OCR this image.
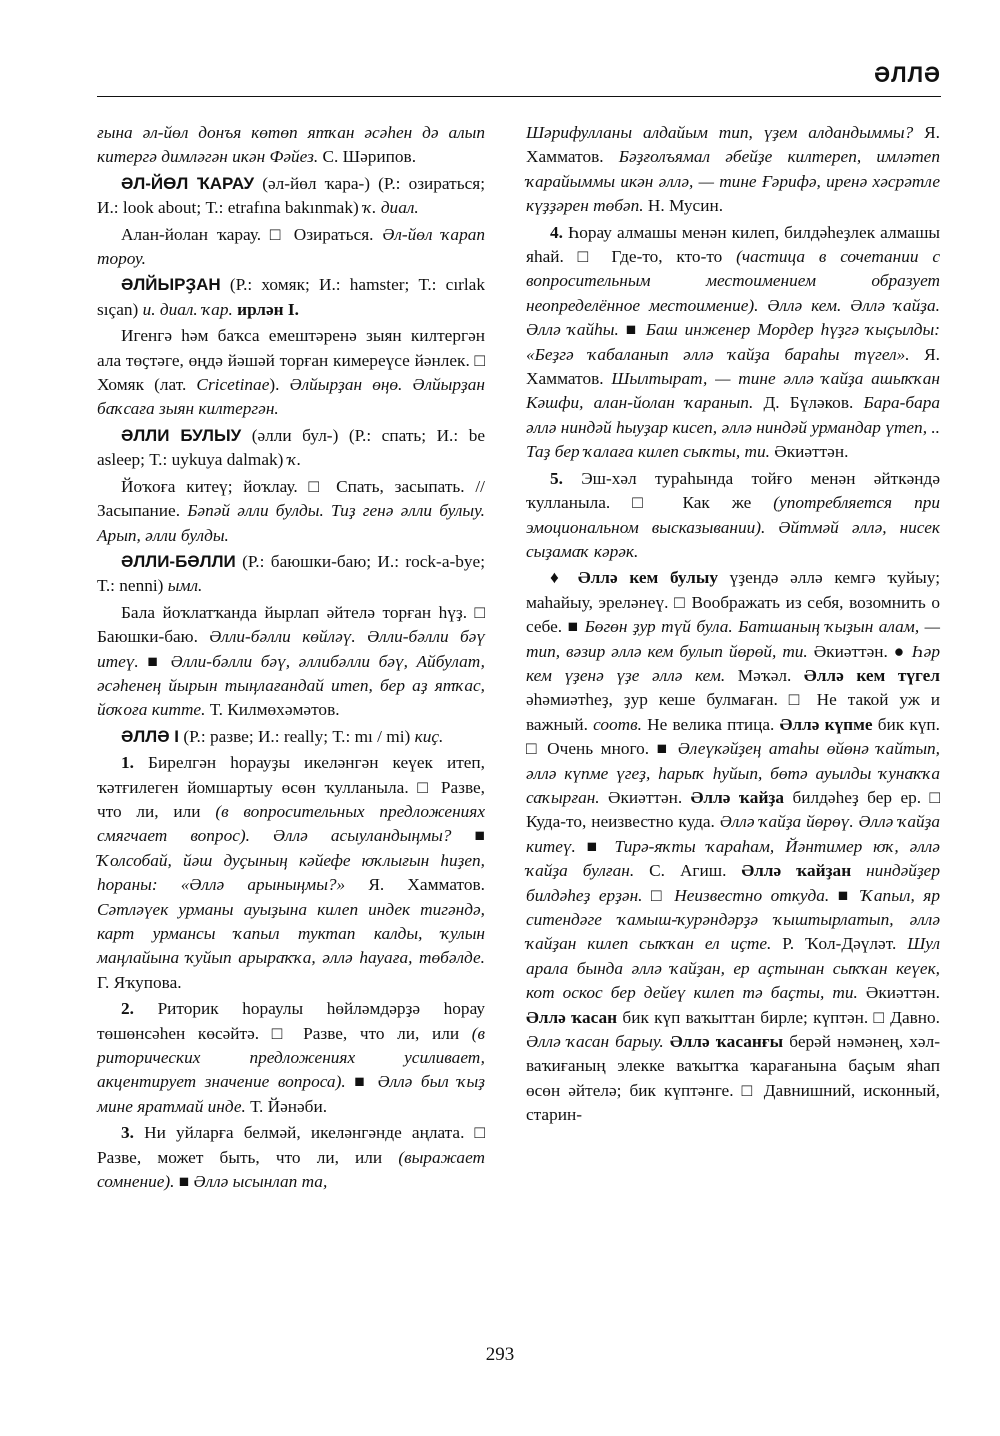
ӘЛЛӘ

ғына әл-йөл донъя көтөп ятҡан әсәһен дә алып китергә димләгән икән Фәйез. С. Шәрипов.

ӘЛ-ЙӨЛ ҠАРАУ (әл-йөл ҡара-) (Р.: озираться; И.: look about; Т.: etrafına bakınmak) ҡ. диал.

Алан-йолан ҡарау. □ Озираться. Әл-йөл ҡарап тороу.

ӘЛЙЫРҘАН (Р.: хомяк; И.: hamster; Т.: cırlak sıçan) и. диал. ҡар. ирлән I.

Игенгә һәм баҡса емештәренә зыян килтергән ала төҫтәге, өңдә йәшәй торған кимереүсе йәнлек. □ Хомяк (лат. Cricetinae). Әлйырҙан өңө. Әлйырҙан баҡсаға зыян килтергән.

ӘЛЛИ БУЛЫУ (әлли бул-) (Р.: спать; И.: be asleep; Т.: uykuya dalmak) ҡ.

Йоҡоға китеү; йоҡлау. □ Спать, засыпать. // Засыпание. Бәпәй әлли булды. Тиҙ генә әлли булыу. Арып, әлли булды.

ӘЛЛИ-БӘЛЛИ (Р.: баюшки-баю; И.: rock-a-bye; Т.: nenni) ымл.

Бала йоҡлатҡанда йырлап әйтелә торған һүҙ. □ Баюшки-баю. Әлли-бәлли көйләү. Әлли-бәлли бәү итеү. ■ Әлли-бәлли бәү, әллибәлли бәү, Айбулат, әсәһенең йырын тыңлағандай итеп, бер аҙ ятҡас, йоҡоға китте. Т. Килмөхәмәтов.

ӘЛЛӘ I (Р.: разве; И.: really; Т.: mı / mi) киҫ.

1. Бирелгән һорауҙы икеләнгән кеүек итеп, ҡәтғилеген йомшартыу өсөн ҡулланыла. □ Разве, что ли, или (в вопросительных предложениях смягчает вопрос). Әллә асыуландыңмы? ■ Ҡолсобай, йәш дуҫының кәйефе юҡлығын һиҙеп, һораны: «Әллә арыныңмы?» Я. Хамматов. Сәтләүек урманы ауыҙына килеп индек тигәндә, карт урмансы ҡапыл туктап калды, ҡулын маңлайына ҡуйып арыраҡҡа, әллә һауаға, төбәлде. Г. Яҡупова.

2. Риторик һораулы һөйләмдәрҙә һорау төшөнсәһен көсәйтә. □ Разве, что ли, или (в риторических предложениях усиливает, акцентирует значение вопроса). ■ Әллә был ҡыҙ мине яратмай инде. Т. Йәнәби.

3. Ни уйларға белмәй, икеләнгәнде аңлата. □ Разве, может быть, что ли, или (выражает сомнение). ■ Әллә ысынлап та,

Шәрифулланы алдайым тип, үҙем алдандыммы? Я. Хамматов. Бәҙғолъямал әбейҙе килтереп, имләтеп ҡарайыммы икән әллә, — тине Ғәрифә, иренә хәсрәтле күҙҙәрен төбәп. Н. Мусин.

4. Һорау алмашы менән килеп, билдәһеҙлек алмашы яһай. □ Где-то, кто-то (частица в сочетании с вопросительным местоимением образует неопределённое местоимение). Әллә кем. Әллә ҡайҙа. Әллә ҡайһы. ■ Баш инженер Мордер һүҙгә ҡыҫылды: «Беҙгә ҡабаланып әллә ҡайҙа бараһы түгел». Я. Хамматов. Шылтырат, — тине әллә ҡайҙа ашыҡҡан Кәшфи, алан-йолан ҡаранып. Д. Бүләков. Бара-бара әллә ниндәй һыуҙар кисеп, әллә ниндәй урмандар үтеп, .. Таҙ бер ҡалаға килеп сыҡты, ти. Әкиәттән.

5. Эш-хәл тураһында тойғо менән әйткәндә ҡулланыла. □ Как же (употребляется при эмоциональном высказывании). Әйтмәй әллә, нисек сыҙамаҡ кәрәк.

♦ Әллә кем булыу үҙендә әллә кемгә ҡуйыу; маһайыу, эреләнеү. □ Воображать из себя, возомнить о себе. ■ Бөгөн ҙур түй була. Батшаның ҡыҙын алам, — тип, вәзир әллә кем булып йөрөй, ти. Әкиәттән. ● Һәр кем үҙенә үҙе әллә кем. Мәҡәл. Әллә кем түгел әһәмиәтһеҙ, ҙур кеше булмаған. □ Не такой уж и важный. соотв. Не велика птица. Әллә күпме бик күп. □ Очень много. ■ Әлеүкәйҙең атаһы өйөнә ҡайтып, әллә күпме үгеҙ, һарыҡ һуйып, бөтә ауылды ҡунаҡҡа саҡырған. Әкиәттән. Әллә ҡайҙа билдәһеҙ бер ер. □ Куда-то, неизвестно куда. Әллә ҡайҙа йөрөү. Әллә ҡайҙа китеү. ■ Тирә-яҡты ҡараһам, Йәнтимер юҡ, әллә ҡайҙа булған. С. Агиш. Әллә ҡайҙан ниндәйҙер билдәһеҙ ерҙән. □ Неизвестно откуда. ■ Ҡапыл, яр ситендәге ҡамыш-ҡурәндәрҙә ҡыштырлатып, әллә ҡайҙан килеп сыҡҡан ел иҫте. Р. Ҡол-Дәүләт. Шул арала бында әллә ҡайҙан, ер аҫтынан сыҡҡан кеүек, кот оскос бер дейеү килеп тә баҫты, ти. Әкиәттән. Әллә ҡасан бик күп ваҡыттан бирле; күптән. □ Давно. Әллә ҡасан барыу. Әллә ҡасанғы берәй нәмәнең, хәл-ваҡиғаның элекке ваҡытҡа ҡарағанына баҫым яһап өсөн әйтелә; бик күптәнге. □ Давнишний, исконный, старин-

293
